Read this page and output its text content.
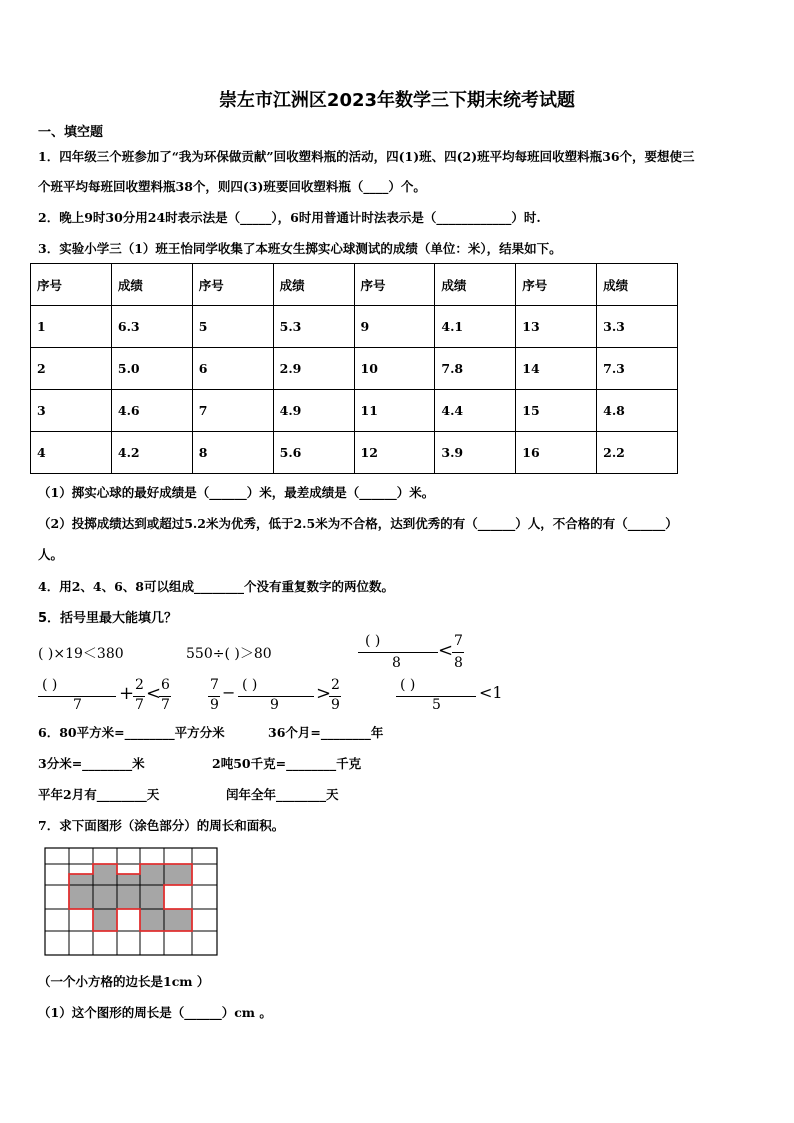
崇左市江洲区2023年数学三下期末统考试题
一、填空题
1．四年级三个班参加了“我为环保做贡献”回收塑料瓶的活动，四(1)班、四(2)班平均每班回收塑料瓶36个，要想使三
个班平均每班回收塑料瓶38个，则四(3)班要回收塑料瓶（____）个。
2．晚上9时30分用24时表示法是（_____），6时用普通计时法表示是（____________）时.
3．实验小学三（1）班王怡同学收集了本班女生掷实心球测试的成绩（单位：米），结果如下。
序号	成绩	序号	成绩	序号	成绩	序号	成绩
1	6.3	5	5.3	9	4.1	13	3.3
2	5.0	6	2.9	10	7.8	14	7.3
3	4.6	7	4.9	11	4.4	15	4.8
4	4.2	8	5.6	12	3.9	16	2.2
（1）掷实心球的最好成绩是（______）米，最差成绩是（______）米。
（2）投掷成绩达到或超过5.2米为优秀，低于2.5米为不合格，达到优秀的有（______）人，不合格的有（______）
人。
4．用2、4、6、8可以组成________个没有重复数字的两位数。
5．括号里最大能填几？
( )×19＜380	550÷( )＞80
( )
8
< 7
8
( )
7
+ 2
7
< 6
7
7
9
− ( )
9
> 2
9
( )
5
<1
6．80平方米=________平方分米	36个月=________年
3分米=________米	2吨50千克=________千克
平年2月有________天	闰年全年________天
7．求下面图形（涂色部分）的周长和面积。
（一个小方格的边长是1cm ）
（1）这个图形的周长是（______）cm 。
